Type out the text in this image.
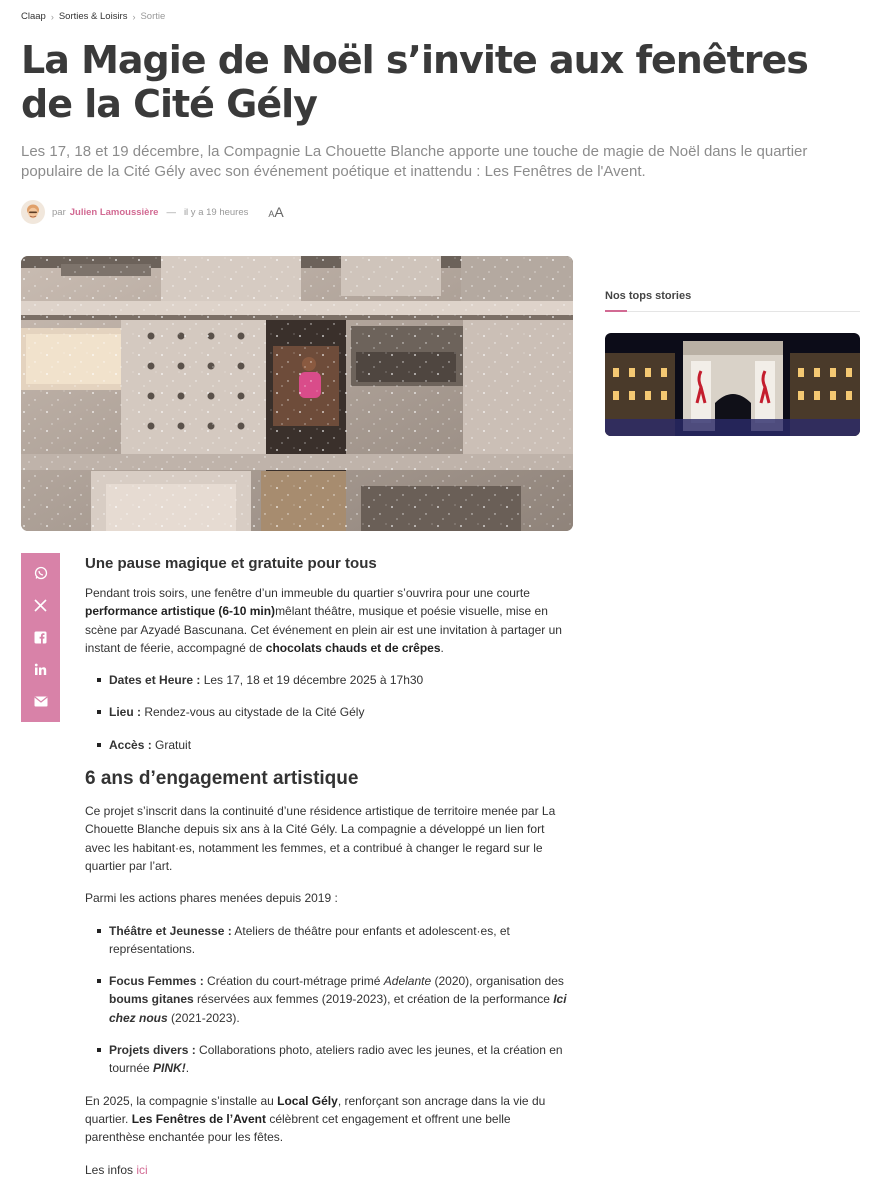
Claap › Sorties & Loisirs › Sortie
La Magie de Noël s’invite aux fenêtres de la Cité Gély

Les 17, 18 et 19 décembre, la Compagnie La Chouette Blanche apporte une touche de magie de Noël dans le quartier populaire de la Cité Gély avec son événement poétique et inattendu : Les Fenêtres de l'Avent.

par Julien Lamoussière — il y a 19 heures AA
Une pause magique et gratuite pour tous

Pendant trois soirs, une fenêtre d’un immeuble du quartier s’ouvrira pour une courte performance artistique (6-10 min)mêlant théâtre, musique et poésie visuelle, mise en scène par Azyadé Bascunana. Cet événement en plein air est une invitation à partager un instant de féerie, accompagné de chocolats chauds et de crêpes.

Dates et Heure : Les 17, 18 et 19 décembre 2025 à 17h30
Lieu : Rendez-vous au citystade de la Cité Gély
Accès : Gratuit
6 ans d’engagement artistique

Ce projet s’inscrit dans la continuité d’une résidence artistique de territoire menée par La Chouette Blanche depuis six ans à la Cité Gély. La compagnie a développé un lien fort avec les habitant·es, notamment les femmes, et a contribué à changer le regard sur le quartier par l’art.

Parmi les actions phares menées depuis 2019 :

Théâtre et Jeunesse : Ateliers de théâtre pour enfants et adolescent·es, et représentations.
Focus Femmes : Création du court-métrage primé Adelante (2020), organisation des boums gitanes réservées aux femmes (2019-2023), et création de la performance Ici chez nous (2021-2023).
Projets divers : Collaborations photo, ateliers radio avec les jeunes, et la création en tournée PINK!.

En 2025, la compagnie s’installe au Local Gély, renforçant son ancrage dans la vie du quartier. Les Fenêtres de l’Avent célèbrent cet engagement et offrent une belle parenthèse enchantée pour les fêtes.

Les infos ici

Nos tops stories
